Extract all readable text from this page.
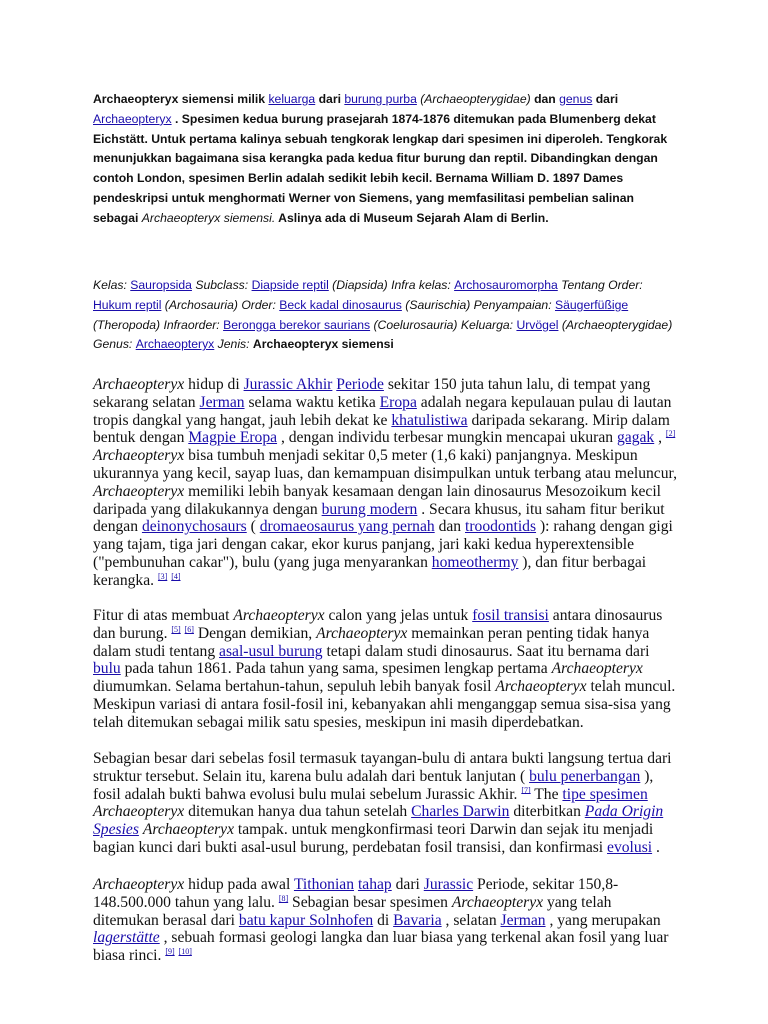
Archaeopteryx siemensi milik keluarga dari burung purba (Archaeopterygidae) dan genus dari Archaeopteryx . Spesimen kedua burung prasejarah 1874-1876 ditemukan pada Blumenberg dekat Eichstätt. Untuk pertama kalinya sebuah tengkorak lengkap dari spesimen ini diperoleh. Tengkorak menunjukkan bagaimana sisa kerangka pada kedua fitur burung dan reptil. Dibandingkan dengan contoh London, spesimen Berlin adalah sedikit lebih kecil. Bernama William D. 1897 Dames pendeskripsi untuk menghormati Werner von Siemens, yang memfasilitasi pembelian salinan sebagai Archaeopteryx siemensi. Aslinya ada di Museum Sejarah Alam di Berlin.
Kelas: Sauropsida Subclass: Diapside reptil (Diapsida) Infra kelas: Archosauromorpha Tentang Order: Hukum reptil (Archosauria) Order: Beck kadal dinosaurus (Saurischia) Penyampaian: Säugerfüßige (Theropoda) Infraorder: Berongga berekor saurians (Coelurosauria) Keluarga: Urvögel (Archaeopterygidae) Genus: Archaeopteryx Jenis: Archaeopteryx siemensi
Archaeopteryx hidup di Jurassic Akhir Periode sekitar 150 juta tahun lalu, di tempat yang sekarang selatan Jerman selama waktu ketika Eropa adalah negara kepulauan pulau di lautan tropis dangkal yang hangat, jauh lebih dekat ke khatulistiwa daripada sekarang. Mirip dalam bentuk dengan Magpie Eropa , dengan individu terbesar mungkin mencapai ukuran gagak , [2] Archaeopteryx bisa tumbuh menjadi sekitar 0,5 meter (1,6 kaki) panjangnya. Meskipun ukurannya yang kecil, sayap luas, dan kemampuan disimpulkan untuk terbang atau meluncur, Archaeopteryx memiliki lebih banyak kesamaan dengan lain dinosaurus Mesozoikum kecil daripada yang dilakukannya dengan burung modern . Secara khusus, itu saham fitur berikut dengan deinonychosaurs ( dromaeosaurus yang pernah dan troodontids ): rahang dengan gigi yang tajam, tiga jari dengan cakar, ekor kurus panjang, jari kaki kedua hyperextensible ("pembunuhan cakar"), bulu (yang juga menyarankan homeothermy ), dan fitur berbagai kerangka. [3] [4]
Fitur di atas membuat Archaeopteryx calon yang jelas untuk fosil transisi antara dinosaurus dan burung. [5] [6] Dengan demikian, Archaeopteryx memainkan peran penting tidak hanya dalam studi tentang asal-usul burung tetapi dalam studi dinosaurus. Saat itu bernama dari bulu pada tahun 1861. Pada tahun yang sama, spesimen lengkap pertama Archaeopteryx diumumkan. Selama bertahun-tahun, sepuluh lebih banyak fosil Archaeopteryx telah muncul. Meskipun variasi di antara fosil-fosil ini, kebanyakan ahli menganggap semua sisa-sisa yang telah ditemukan sebagai milik satu spesies, meskipun ini masih diperdebatkan.
Sebagian besar dari sebelas fosil termasuk tayangan-bulu di antara bukti langsung tertua dari struktur tersebut. Selain itu, karena bulu adalah dari bentuk lanjutan ( bulu penerbangan ), fosil adalah bukti bahwa evolusi bulu mulai sebelum Jurassic Akhir. [7] The tipe spesimen Archaeopteryx ditemukan hanya dua tahun setelah Charles Darwin diterbitkan Pada Origin Spesies Archaeopteryx tampak. untuk mengkonfirmasi teori Darwin dan sejak itu menjadi bagian kunci dari bukti asal-usul burung, perdebatan fosil transisi, dan konfirmasi evolusi .
Archaeopteryx hidup pada awal Tithonian tahap dari Jurassic Periode, sekitar 150,8-148.500.000 tahun yang lalu. [8] Sebagian besar spesimen Archaeopteryx yang telah ditemukan berasal dari batu kapur Solnhofen di Bavaria , selatan Jerman , yang merupakan lagerstätte , sebuah formasi geologi langka dan luar biasa yang terkenal akan fosil yang luar biasa rinci. [9] [10]
